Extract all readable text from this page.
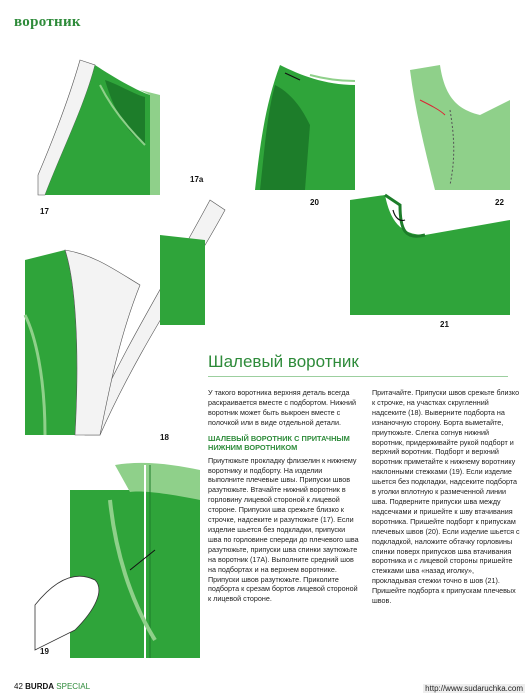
воротник
17
17а
20	22
21
18
19
Шалевый воротник

У такого воротника верхняя деталь всегда раскраивается вместе с подбортом. Нижний воротник может быть выкроен вместе с полочкой или в виде отдельной детали.

ШАЛЕВЫЙ ВОРОТНИК С ПРИТАЧНЫМ НИЖНИМ ВОРОТНИКОМ

Приутюжьте прокладку флизелин к нижнему воротнику и подборту. На изделии выполните плечевые швы. Припуски швов разутюжьте. Втачайте нижний воротник в горловину лицевой стороной к лицевой стороне. Припуски шва срежьте близко к строчке, надсеките и разутюжьте (17). Если изделие шьется без подкладки, припуски шва по горловине спереди до плечевого шва разутюжьте, припуски шва спинки заутюжьте на воротник (17А). Выполните средний шов на подбортах и на верхнем воротнике. Припуски швов разутюжьте. Приколите подборта к срезам бортов лицевой стороной к лицевой стороне.

Притачайте. Припуски швов срежьте близко к строчке, на участках скругленний надсеките (18). Выверните подборта на изнаночную сторону. Борта выметайте, приутюжьте. Слегка согнув нижний воротник, придерживайте рукой подборт и верхний воротник. Подборт и верхний воротник приметайте к нижнему воротнику наклонными стежками (19). Если изделие шьется без подкладки, надсеките подборта в уголки вплотную к размеченной линии шва. Подверните припуски шва между надсечками и пришейте к шву втачивания воротника. Пришейте подборт к припускам плечевых швов (20). Если изделие шьется с подкладкой, наложите обтачку горловины спинки поверх припусков шва втачивания воротника и с лицевой стороны пришейте стежками шва «назад иголку», прокладывая стежки точно в шов (21). Пришейте подборта к припускам плечевых швов.

42 BURDA SPECIAL	http://www.sudaruchka.com
